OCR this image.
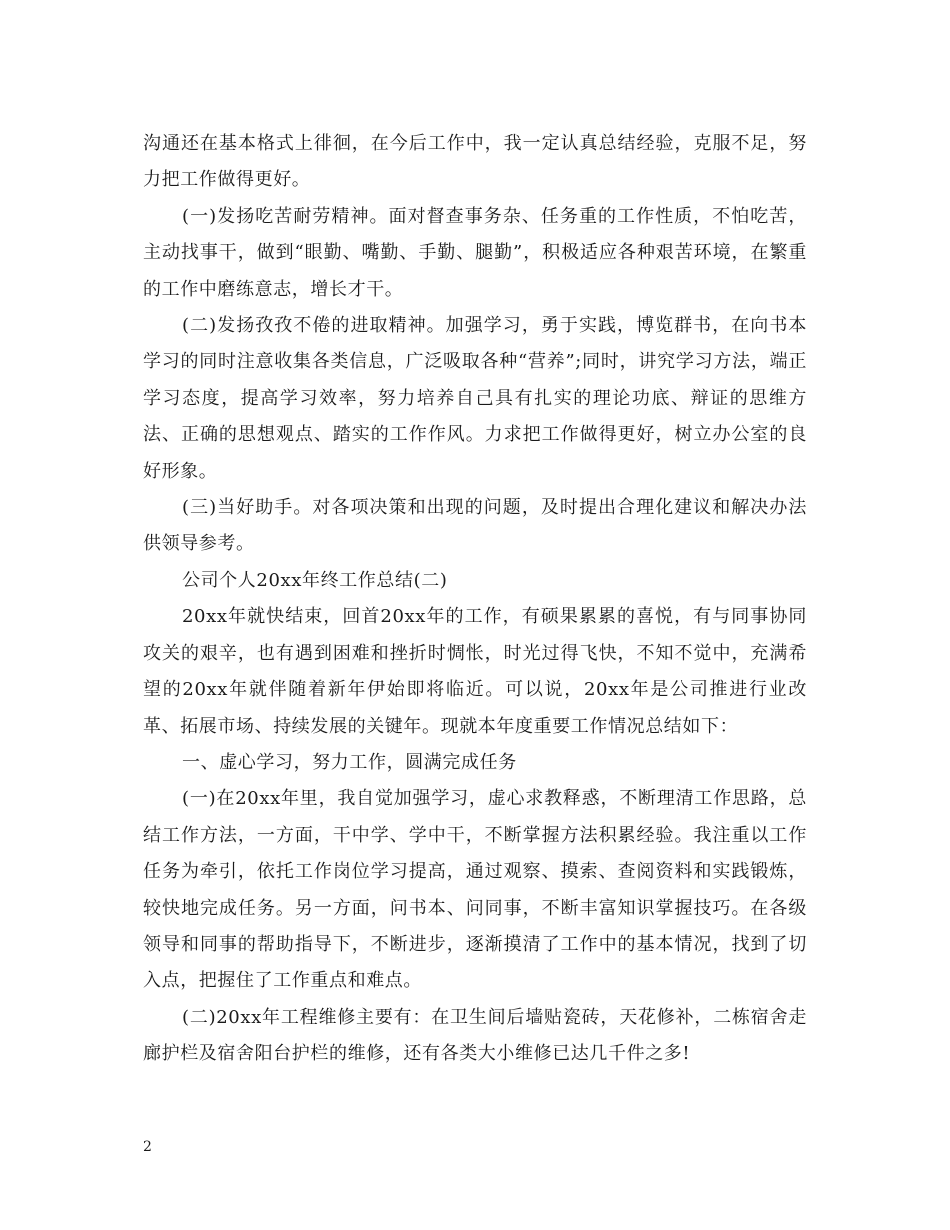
沟通还在基本格式上徘徊，在今后工作中，我一定认真总结经验，克服不足，努力把工作做得更好。

(一)发扬吃苦耐劳精神。面对督查事务杂、任务重的工作性质，不怕吃苦，主动找事干，做到“眼勤、嘴勤、手勤、腿勤”，积极适应各种艰苦环境，在繁重的工作中磨练意志，增长才干。

(二)发扬孜孜不倦的进取精神。加强学习，勇于实践，博览群书，在向书本学习的同时注意收集各类信息，广泛吸取各种“营养”;同时，讲究学习方法，端正学习态度，提高学习效率，努力培养自己具有扎实的理论功底、辩证的思维方法、正确的思想观点、踏实的工作作风。力求把工作做得更好，树立办公室的良好形象。

(三)当好助手。对各项决策和出现的问题，及时提出合理化建议和解决办法供领导参考。

公司个人20xx年终工作总结(二)

20xx年就快结束，回首20xx年的工作，有硕果累累的喜悦，有与同事协同攻关的艰辛，也有遇到困难和挫折时惆怅，时光过得飞快，不知不觉中，充满希望的20xx年就伴随着新年伊始即将临近。可以说，20xx年是公司推进行业改革、拓展市场、持续发展的关键年。现就本年度重要工作情况总结如下：

一、虚心学习，努力工作，圆满完成任务

(一)在20xx年里，我自觉加强学习，虚心求教释惑，不断理清工作思路，总结工作方法，一方面，干中学、学中干，不断掌握方法积累经验。我注重以工作任务为牵引，依托工作岗位学习提高，通过观察、摸索、查阅资料和实践锻炼，较快地完成任务。另一方面，问书本、问同事，不断丰富知识掌握技巧。在各级领导和同事的帮助指导下，不断进步，逐渐摸清了工作中的基本情况，找到了切入点，把握住了工作重点和难点。

(二)20xx年工程维修主要有：在卫生间后墙贴瓷砖，天花修补，二栋宿舍走廊护栏及宿舍阳台护栏的维修，还有各类大小维修已达几千件之多!

2
